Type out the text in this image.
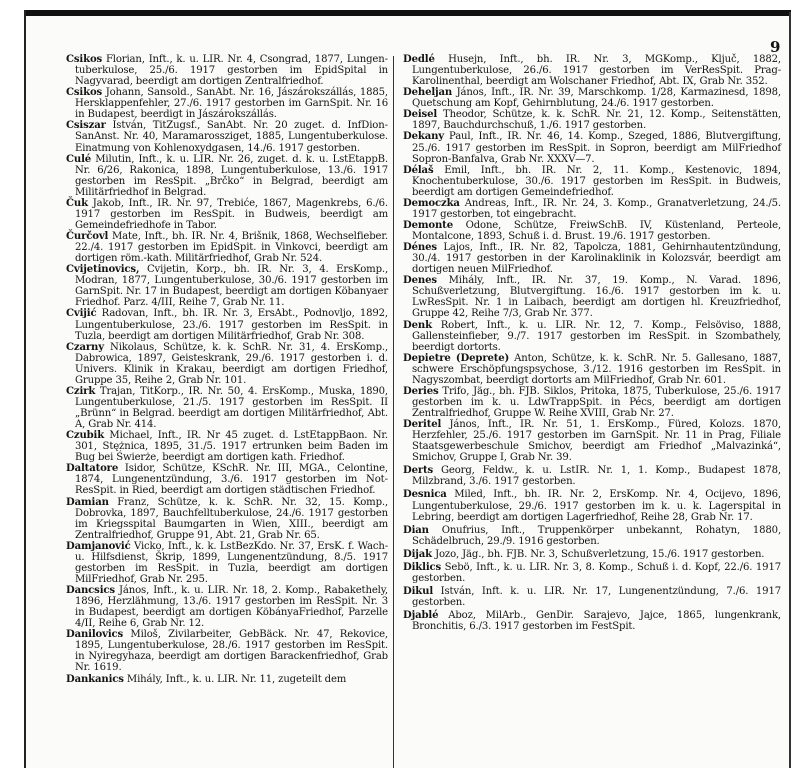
9

Csikos Florian, Inft., k. u. LIR. Nr. 4, Csongrad, 1877, Lungentuberkulose, 25./6. 1917 gestorben im EpidSpital in Nagyvarad, beerdigt am dortigen Zentralfriedhof.

Csikos Johann, Sansold., SanAbt. Nr. 16, Jászárokszállás, 1885, Hersklappenfehler, 27./6. 1917 gestorben im GarnSpit. Nr. 16 in Budapest, beerdigt in Jászárokszállás.

Csiszar István, TitZugsf., SanAbt. Nr. 20 zuget. d. InfDionSanAnst. Nr. 40, Maramarossziget, 1885, Lungentuberkulose. Einatmung von Kohlenoxydgasen, 14./6. 1917 gestorben.

Culé Milutin, Inft., k. u. LIR. Nr. 26, zuget. d. k. u. LstEtappB. Nr. 6/26, Rakonica, 1898, Lungentuberkulose, 13./6. 1917 gestorben im ResSpit. „Brčko“ in Belgrad, beerdigt am Militärfriedhof in Belgrad.

Čuk Jakob, Inft., IR. Nr. 97, Trebiće, 1867, Magenkrebs, 6./6. 1917 gestorben im ResSpit. in Budweis, beerdigt am Gemeindefriedhofe in Tabor.

Čurčovl Mate, Inft., bh. IR. Nr. 4, Brišnik, 1868, Wechselfieber. 22./4. 1917 gestorben im EpidSpit. in Vinkovci, beerdigt am dortigen röm.-kath. Militärfriedhof, Grab Nr. 524.

Cvijetinovics, Cvijetin, Korp., bh. IR. Nr. 3, 4. ErsKomp., Modran, 1877, Lungentuberkulose, 30./6. 1917 gestorben im GarnSpit. Nr. 17 in Budapest, beerdigt am dortigen Köbanyaer Friedhof. Parz. 4/III, Reihe 7, Grab Nr. 11.

Cvijić Radovan, Inft., bh. IR. Nr. 3, ErsAbt., Podnovljo, 1892, Lungentuberkulose, 23./6. 1917 gestorben im ResSpit. in Tuzla, beerdigt am dortigen Militärfriedhof, Grab Nr. 308.

Czarny Nikolaus, Schütze, k. k. SchR. Nr. 31, 4. ErsKomp., Dabrowica, 1897, Geisteskrank, 29./6. 1917 gestorben i. d. Univers. Klinik in Krakau, beerdigt am dortigen Friedhof, Gruppe 35, Reihe 2, Grab Nr. 101.

Czirk Trajan, TitKorp., IR. Nr. 50, 4. ErsKomp., Muska, 1890, Lungentuberkulose, 21./5. 1917 gestorben im ResSpit. II „Brünn“ in Belgrad. beerdigt am dortigen Militärfriedhof, Abt. A, Grab Nr. 414.

Czubik Michael, Inft., IR. Nr 45 zuget. d. LstEtappBaon. Nr. 301, Stężnica, 1895, 31./5. 1917 ertrunken beim Baden im Bug bei Świerże, beerdigt am dortigen kath. Friedhof.

Daltatore Isidor, Schütze, KSchR. Nr. III, MGA., Celontine, 1874, Lungenentzündung, 3./6. 1917 gestorben im NotResSpit. in Ried, beerdigt am dortigen städtischen Friedhof.

Damian Franz, Schütze, k. k. SchR. Nr. 32, 15. Komp., Dobrovka, 1897, Bauchfelltuberkulose, 24./6. 1917 gestorben im Kriegsspital Baumgarten in Wien, XIII., beerdigt am Zentralfriedhof, Gruppe 91, Abt. 21, Grab Nr. 65.

Damjanović Vicko, Inft., k. k. LstBezKdo. Nr. 37, ErsK. f. Wach- u. Hilfsdienst, Škrip, 1899, Lungenentzündung, 8./5. 1917 gestorben im ResSpit. in Tuzla, beerdigt am dortigen MilFriedhof, Grab Nr. 295.

Dancsics János, Inft., k. u. LIR. Nr. 18, 2. Komp., Rabakethely, 1896, Herzlähmung, 13./6. 1917 gestorben im ResSpit. Nr. 3 in Budapest, beerdigt am dortigen KöbányaFriedhof, Parzelle 4/II, Reihe 6, Grab Nr. 12.

Danilovics Miloš, Zivilarbeiter, GebBäck. Nr. 47, Rekovice, 1895, Lungentuberkulose, 28./6. 1917 gestorben im ResSpit. in Nyiregyhaza, beerdigt am dortigen Barackenfriedhof, Grab Nr. 1619.

Dankanics Mihály, Inft., k. u. LIR. Nr. 11, zugeteilt dem

Dedlé Husejn, Inft., bh. IR. Nr. 3, MGKomp., Ključ, 1882, Lungentuberkulose, 26./6. 1917 gestorben im VerResSpit. Prag-Karolinenthal, beerdigt am Wolschaner Friedhof, Abt. IX, Grab Nr. 352.

Deheljan János, Inft., IR. Nr. 39, Marschkomp. 1/28, Karmazinesd, 1898, Quetschung am Kopf, Gehirnblutung, 24./6. 1917 gestorben.

Deisel Theodor, Schütze, k. k. SchR. Nr. 21, 12. Komp., Seitenstätten, 1897, Bauchdurchschuß, 1./6. 1917 gestorben.

Dekany Paul, Inft., IR. Nr. 46, 14. Komp., Szeged, 1886, Blutvergiftung, 25./6. 1917 gestorben im ResSpit. in Sopron, beerdigt am MilFriedhof Sopron-Banfalva, Grab Nr. XXXV—7.

Délaš Emil, Inft., bh. IR. Nr. 2, 11. Komp., Kestenovic, 1894, Knochentuberkulose, 30./6. 1917 gestorben im ResSpit. in Budweis, beerdigt am dortigen Gemeindefriedhof.

Democzka Andreas, Inft., IR. Nr. 24, 3. Komp., Granatverletzung, 24./5. 1917 gestorben, tot eingebracht.

Demonte Odone, Schütze, FreiwSchB. IV, Küstenland, Perteole, Montalcone, 1893, Schuß i. d. Brust. 19./6. 1917 gestorben.

Dénes Lajos, Inft., IR. Nr. 82, Tapolcza, 1881, Gehirnhautentzündung, 30./4. 1917 gestorben in der Karolinaklinik in Kolozsvár, beerdigt am dortigen neuen MilFriedhof.

Denes Mihály, Inft., IR. Nr. 37, 19. Komp., N. Varad. 1896, Schußverletzung, Blutvergiftung. 16./6. 1917 gestorben im k. u. LwResSpit. Nr. 1 in Laibach, beerdigt am dortigen hl. Kreuzfriedhof, Gruppe 42, Reihe 7/3, Grab Nr. 377.

Denk Robert, Inft., k. u. LIR. Nr. 12, 7. Komp., Felsöviso, 1888, Gallensteinfieber, 9./7. 1917 gestorben im ResSpit. in Szombathely, beerdigt dortorts.

Depietre (Deprete) Anton, Schütze, k. k. SchR. Nr. 5. Gallesano, 1887, schwere Erschöpfungspsychose, 3./12. 1916 gestorben im ResSpit. in Nagyszombat, beerdigt dortorts am MilFriedhof, Grab Nr. 601.

Deries Trifo, Jäg., bh. FJB. Siklos, Pritoka, 1875, Tuberkulose, 25./6. 1917 gestorben im k. u. LdwTrappSpit. in Pécs, beerdigt am dortigen Zentralfriedhof, Gruppe W. Reihe XVIII, Grab Nr. 27.

Deritel János, Inft., IR. Nr. 51, 1. ErsKomp., Füred, Kolozs. 1870, Herzfehler, 25./6. 1917 gestorben im GarnSpit. Nr. 11 in Prag, Filiale Staatsgewerbeschule Smichov, beerdigt am Friedhof „Malvazinká“, Smichov, Gruppe I, Grab Nr. 39.

Derts Georg, Feldw., k. u. LstIR. Nr. 1, 1. Komp., Budapest 1878, Milzbrand, 3./6. 1917 gestorben.

Desnica Miled, Inft., bh. IR. Nr. 2, ErsKomp. Nr. 4, Ocijevo, 1896, Lungentuberkulose, 29./6. 1917 gestorben im k. u. k. Lagerspital in Lebring, beerdigt am dortigen Lagerfriedhof, Reihe 28, Grab Nr. 17.

Dian Onufrius, Inft., Truppenkörper unbekannt, Rohatyn, 1880, Schädelbruch, 29./9. 1916 gestorben.

Dijak Jozo, Jäg., bh. FJB. Nr. 3, Schußverletzung, 15./6. 1917 gestorben.

Diklics Sebö, Inft., k. u. LIR. Nr. 3, 8. Komp., Schuß i. d. Kopf, 22./6. 1917 gestorben.

Dikul István, Inft. k. u. LIR. Nr. 17, Lungenentzündung, 7./6. 1917 gestorben.

Djablé Aboz, MilArb., GenDir. Sarajevo, Jajce, 1865, lungenkrank, Bronchitis, 6./3. 1917 gestorben im FestSpit.
